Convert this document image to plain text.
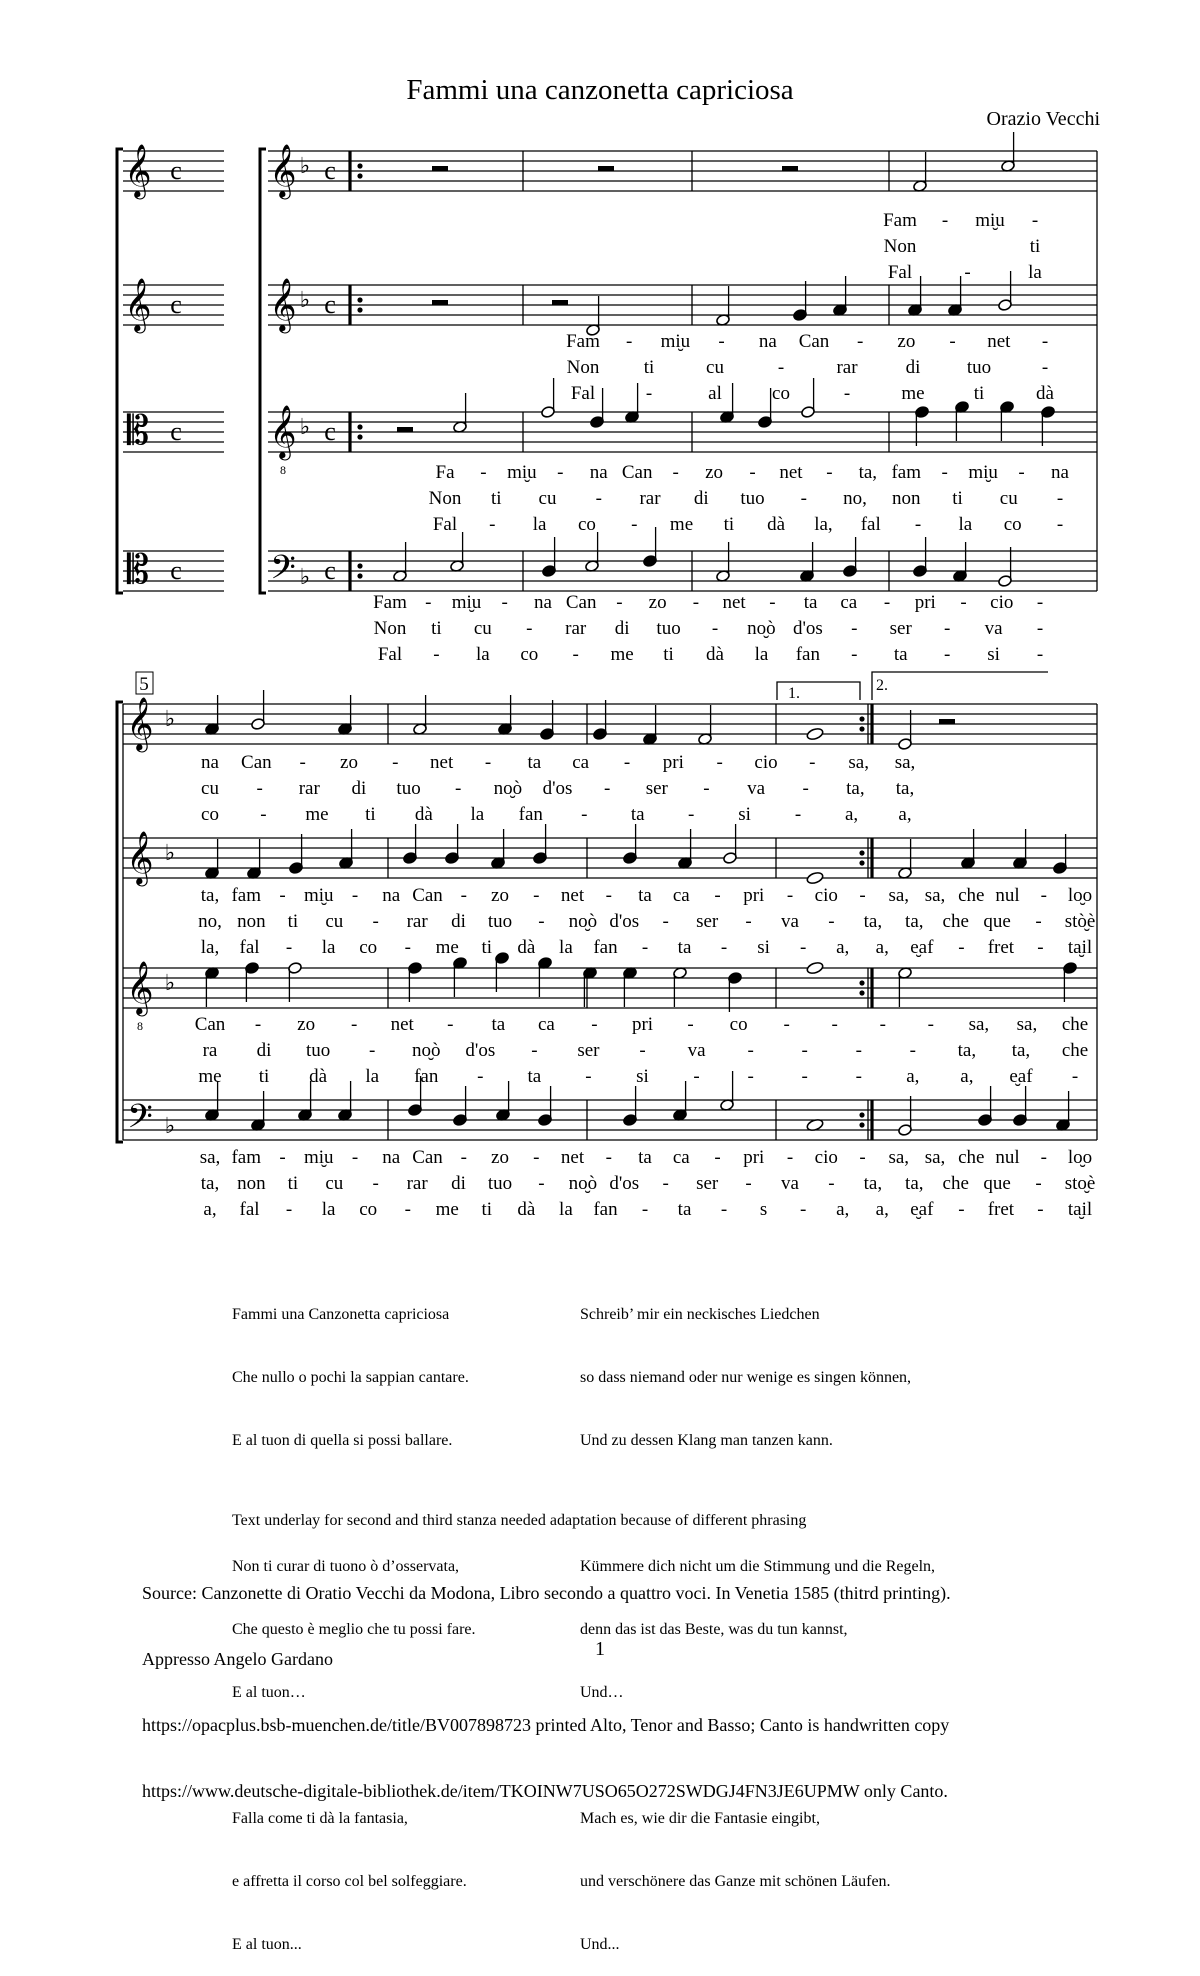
Fammi una canzonetta capriciosa
Orazio Vecchi
𝄞
𝄞
𝄡
𝄡
c
c
c
c
𝄞
𝄞
𝄞
8
𝄢
♭ c
♭ c
♭ c
♭ c
Fam - mi̮u -
Non	ti
Fal	-	la
Fam - mi̮u - na Can - zo - net -
Non ti	cu	-	rar	di tuo	-
Fal	-	al	co	-	me	ti	dà
Fa - mi̮u - na Can - zo - net - ta, fam - mi̮u - na
Non ti cu - rar di tuo - no, non ti cu -
Fal - la co - me ti dà la, fal - la co -
Fam - mi̮u - na Can - zo - net - ta ca - pri - cio -
Non ti cu - rar di tuo - no̮ò d'os - ser - va -
Fal - la co - me ti dà la fan - ta - si -
5	1.	2.
𝄞
𝄞
𝄞
8
𝄢
♭
♭
♭
♭
na Can - zo - net - ta ca - pri - cio - sa, sa,
cu - rar di tuo - no̮ò d'os - ser - va - ta, ta,
co - me ti dà la fan - ta - si - a, a,
ta, fam - mi̮u - na Can - zo - net - ta ca - pri - cio - sa, sa, che nul - lo̮o
no, non ti cu - rar di tuo - no̮ò d'os - ser - va - ta, ta, che que - stò̮è
la, fal - la co - me ti dà la fan - ta - si - a, a, e̮af - fret - ta̮il
Can - zo - net - ta ca - pri - co - - - - sa, sa, che
ra di tuo - no̮ò d'os - ser - va -	-	-	- ta, ta, che
me ti dà la fan - ta - si -	-	-	- a, a, e̮af -
sa, fam - mi̮u - na Can - zo - net - ta ca - pri - cio - sa, sa, che nul - lo̮o
ta, non ti cu - rar di tuo - no̮ò d'os - ser - va - ta, ta, che que - sto̮è
a, fal - la co - me ti dà la fan - ta - s - a, a, e̮af - fret - ta̮il

Fammi una Canzonetta capriciosa

Che nullo o pochi la sappian cantare.

E al tuon di quella si possi ballare.

Non ti curar di tuono ò d’osservata,

Che questo è meglio che tu possi fare.

E al tuon…

Falla come ti dà la fantasia,

e affretta il corso col bel solfeggiare.

E al tuon...

Schreib’ mir ein neckisches Liedchen

so dass niemand oder nur wenige es singen können,

Und zu dessen Klang man tanzen kann.

Kümmere dich nicht um die Stimmung und die Regeln,

denn das ist das Beste, was du tun kannst,

Und…

Mach es, wie dir die Fantasie eingibt,

und verschönere das Ganze mit schönen Läufen.

Und...

Text underlay for second and third stanza needed adaptation because of different phrasing

Source: Canzonette di Oratio Vecchi da Modona, Libro secondo a quattro voci. In Venetia 1585 (thitrd printing).

Appresso Angelo Gardano

https://opacplus.bsb-muenchen.de/title/BV007898723 printed Alto, Tenor and Basso; Canto is handwritten copy

https://www.deutsche-digitale-bibliothek.de/item/TKOINW7USO65O272SWDGJ4FN3JE6UPMW only Canto.

1
